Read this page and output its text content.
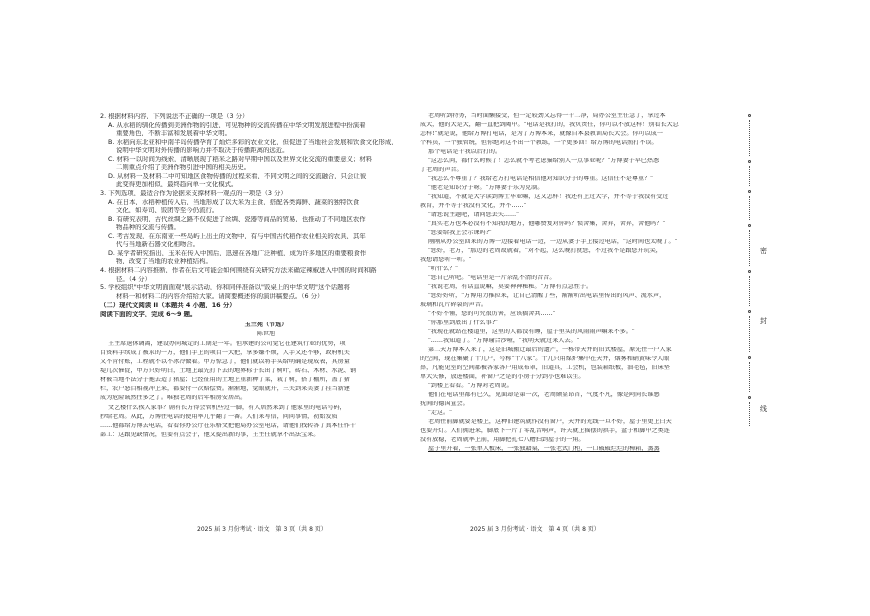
2. 根据材料内容，下列说法不正确的一项是（3 分）
A. 从水稻的驯化传播到美洲作物的引进，可见物种的交流传播在中华文明发展进程中扮演着
重要角色，不断丰富和发展着中华文明。
B. 水稻向东北亚和中南半岛传播孕育了灿烂多彩的农业文化，但促进了当地社会发展和饮食文化形成，
说明中华文明对外传播的影响力并不取决于传播距离的远近。
C. 材料一以时间为线索，清晰展现了稻米之路对早期中国以及世界文化交流的重要意义；材料
二则重点介绍了美洲作物引进中国的相关历史。
D. 从材料一及材料二中可知地区食物传播的过程来看，不同文明之间的交流融合，只会让彼
此变得更加相似，最终趋向单一文化模式。
3. 下列选项，最适合作为论据来支撑材料一观点的一项是（3 分）
A. 在日本，水稻种植传入后，当地形成了以大米为主食，搭配各类海鲜、蔬菜的独特饮食
文化，如寿司、饭团等至今仍流行。
B. 有研究表明，古代丝绸之路不仅促进了丝绸、瓷器等商品的贸易，也推动了不同地区农作
物品种的交流与传播。
C. 考古发现，在东南亚一些岛屿上出土的文物中，有与中国古代稻作农业相关的农具，其年
代与当地新石器文化相吻合。
D. 某学者研究指出，玉米在传入中国后，迅速在各地广泛种植，成为许多地区的重要粮食作
物，改变了当地的农业种植结构。
4. 根据材料二内容推断，作者在后文可能会如何围绕有关研究方法来确定辣椒进入中国的时间和路
径。（4 分）
5. 学校组织"中华文明面面观"展示活动，你和同伴准备以"饭桌上的中华文明"这个话题将
材料一和材料二的内容介绍给大家。请简要概述你的演讲稿要点。（6 分）
（二）现代文阅读 II（本题共 4 小题，16 分）
阅读下面的文字，完成 6～9 题。
玉兰苑（节选）
陈世旭
王主席退休调离，建设办同城定的工期是一年。但承建的公司觉它在建筑行业的优势，项
目资料手续成了被求的一方，他们手上的项目一大把，拿多嫌不烦，人手又还不够，政府机关
又不肯付账，工程就不以不冰冷做着。甲方惊急了，他们就以将手头给明确是现成表，其房量
堤几次催促，甲方只好明白，土地上最先打下去的地界标子长出了树叶，砖石、木材、水泥、钢
材被当地不法分子拖去造了猪屋；已经征用的土地上重新种了菜，栽了树，搭了棚所，盖了猪
栏，农户怒目相视冲上来，都要付一次赔偿费。渐渐地，觉眼就开，三关到来美妻了挂当新建
成为危险诚然住多之了。唯独老周的后年相房安居出。
文艺楼什么挨人家事？剧有长方得会管机些过一脚，有人居然来到了他家里的电话号码，
抄给老周。从此，方博住电话的使用率几乎翻了一番。人们来写信，问问事情，初始发质
……他都给方博去电话，看看你办公厅在乐格文把他局办公室电话，请他们找转各了真本任作干
部工：这跟见缺情况，但要有点会于，他又提出新的事，王主任就拿不出法宝来。
老周听到特务，当时面懒接受，但一定较劲又忘得一干二净，局办公室主任急了，拿过本
成大，他的大是大，翻一直把到陶中。"电话是我打的，我负责任，你可以不放这样！别看长大总
怎样!"就是说，他给方博打电话，是为了方博本来，就像自本县教训局长大会。你可以成一
个科员，一个独管统，但你绝对这不出一个教练，一个更多回！给方博的电话照打不误。
那个电话是干我以后打的。
"这怎么问，都什么时候了！怎么就不考老虑猫给别人一点事业呢？"方博妻子早已热悉
了老周的声音。
"我怎么不尊重了？我给老方打电话是相信他对知识分子的尊重。这信任不是尊重？"
"他老是知识分子呀。"方博妻子乐为克制。
"我知道，不就是大学读到博士毕业嘛，这又怎样！我还有上过大学，并不等于我没有受过
教育，并不等于我没有文化，并不……"
"请您说主题吧，请问您丢失……"
"真实老方也本必没有不知我的地方，他哪赞复对你吗？愤舍集，舍弃，舍弃，舍他吗？"
"您要给我上会示课吗?"
刚刚从办公室回来的方博一边接着电话一边，一边从妻子手上接过电话，"这时间也太晚了。"
"您好，老方，"那边的老周故就着，"对不起，这么晚打扰您，不过我不是跟您开玩笑，
我想请您听一听。"
"听什么？"
"您自己听吧。"电话里是一片杂乱不清的音音。
"我说老周，有话直说嘛，莫要神神秘秘。"方博有点急性子。
"您好好听，"方博用力推拉来，让自己清醒了些，渐渐听出电话里传出的风声、流水声，
玻璃和瓦片碎裂的声音。
"不好不懂，您的可究很厉害，应该搞舍共……"
"你那里到底出了什么事?"
"我现在就站在楼道里，这里的人都没有睡，屋子里头的风雨雨声嘛来不多。"
"……我知道了。"方博瑜合沙哑，"我明天就过来人去。"
第二天方博本人来了，这是旧城搬迁最后的遗产，一栋带天井的旧式楼屋，原先住一户人家
的空间，现在集聚了十几户，号称"十八家"。十几只用煤炉集中在天井，烟雾和硝黄味令人眼
鼻，凡能见室的空间都被各家各户用成布罩，旧道具，工会机，包装箱纸板，油毛毡，旧床垫
单大失修，放进楼面，补窗户之是的小房子分到小也难以生。
"到楼上看看。"方博对老周说。
他们在电话里都有已久，见面却是第一次，老周颇显昂首，气度不凡，像是阿同长谁感
抚间的德国宣会。
"走这。"
老周往前脚就要是楼上，这种旧建筑就作没有窗户，天井的光线一旦不好，屋子里更上白天
也要开灯。人们拥进来，脚底下一片了零乱音响声，许夫就上摇摆的拱手，盆子和脚中之类连
没有放稳，老周就率上前，用脚把孔七八糟扫到屋子的一角。
屋子里开着，一张单人板床，一张独籍桌，一张老式门柜，一口破破烂烂的樟箱，蒸蒸
2025 届 3 月份考试 · 语文　第 3 页（共 8 页）	2025 届 3 月份考试 · 语文　第 4 页（共 8 页）
密
封
线
